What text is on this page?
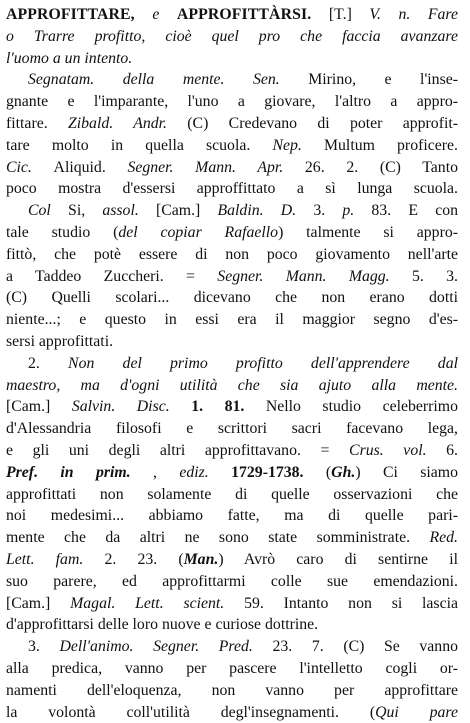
APPROFITTARE, e APPROFITTÀRSI. [T.] V. n. Fare
o Trarre profitto, cioè quel pro che faccia avanzare
l'uomo a un intento.
Segnatam. della mente. Sen. Mirino, e l'inse-
gnante e l'imparante, l'uno a giovare, l'altro a appro-
fittare. Zibald. Andr. (C) Credevano di poter approfit-
tare molto in quella scuola. Nep. Multum proficere.
Cic. Aliquid. Segner. Mann. Apr. 26. 2. (C) Tanto
poco mostra d'essersi approffittato a sì lunga scuola.
Col Si, assol. [Cam.] Baldin. D. 3. p. 83. E con
tale studio (del copiar Rafaello) talmente si appro-
fittò, che potè essere di non poco giovamento nell'arte
a Taddeo Zuccheri. = Segner. Mann. Magg. 5. 3.
(C) Quelli scolari... dicevano che non erano dotti
niente...; e questo in essi era il maggior segno d'es-
sersi approfittati.
2. Non del primo profitto dell'apprendere dal
maestro, ma d'ogni utilità che sia ajuto alla mente.
[Cam.] Salvin. Disc. 1. 81. Nello studio celeberrimo
d'Alessandria filosofi e scrittori sacri facevano lega,
e gli uni degli altri approfittavano. = Crus. vol. 6.
Pref. in prim. , ediz. 1729-1738. (Gh.) Ci siamo
approfittati non solamente di quelle osservazioni che
noi medesimi... abbiamo fatte, ma di quelle pari-
mente che da altri ne sono state somministrate. Red.
Lett. fam. 2. 23. (Man.) Avrò caro di sentirne il
suo parere, ed approfittarmi colle sue emendazioni.
[Cam.] Magal. Lett. scient. 59. Intanto non si lascia
d'approfittarsi delle loro nuove e curiose dottrine.
3. Dell'animo. Segner. Pred. 23. 7. (C) Se vanno
alla predica, vanno per pascere l'intelletto cogli or-
namenti dell'eloquenza, non vanno per approfittare
la volontà coll'utilità degl'insegnamenti. (Qui pare
